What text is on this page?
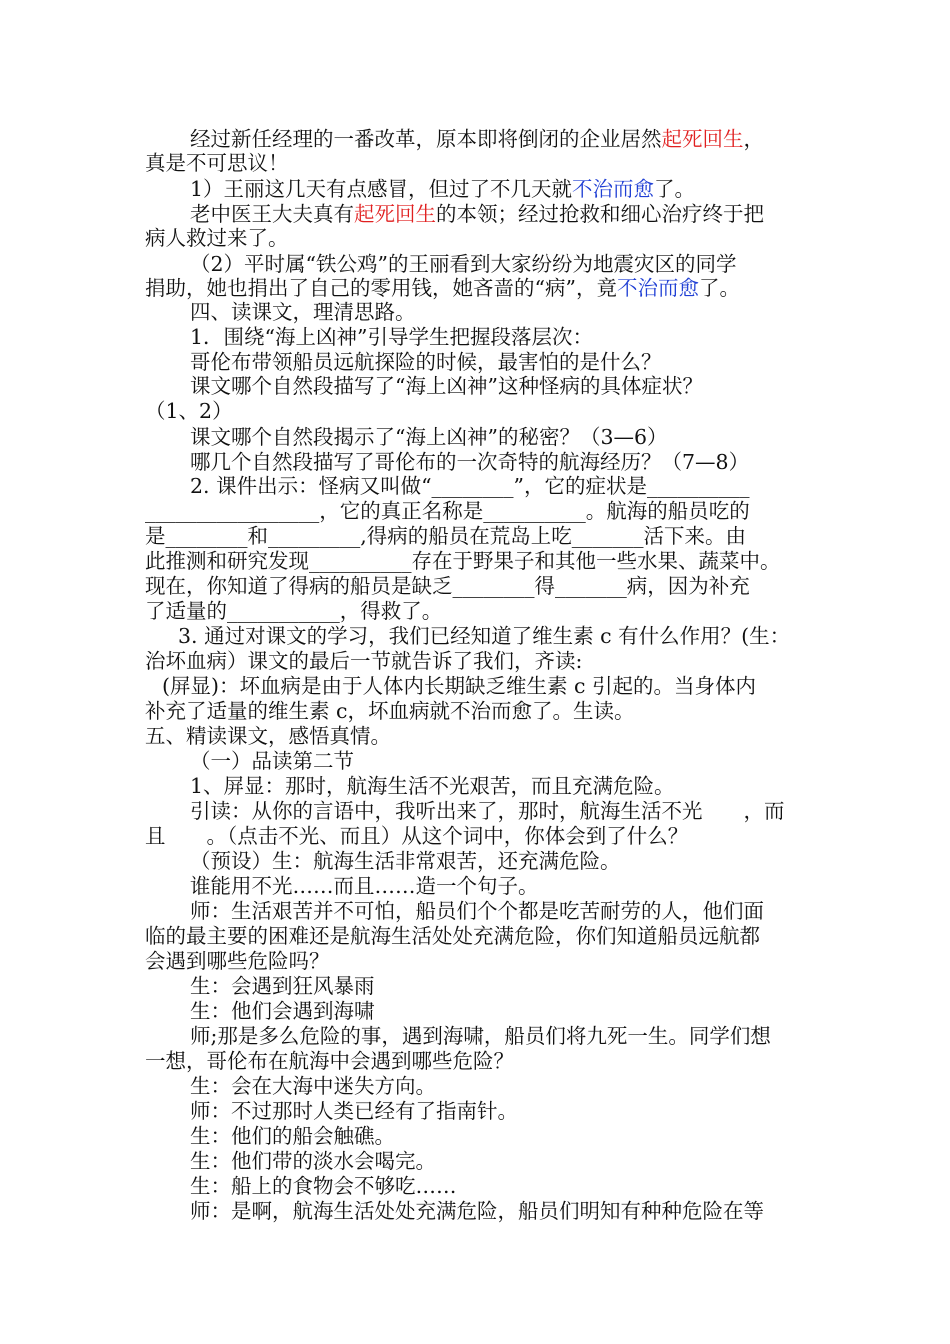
经过新任经理的一番改革，原本即将倒闭的企业居然起死回生，
真是不可思议！
1）王丽这几天有点感冒，但过了不几天就不治而愈了。
老中医王大夫真有起死回生的本领；经过抢救和细心治疗终于把
病人救过来了。
（2）平时属“铁公鸡”的王丽看到大家纷纷为地震灾区的同学
捐助，她也捐出了自己的零用钱，她吝啬的“病”，竟不治而愈了。
四、读课文，理清思路。
1．围绕“海上凶神”引导学生把握段落层次：
哥伦布带领船员远航探险的时候，最害怕的是什么？
课文哪个自然段描写了“海上凶神”这种怪病的具体症状？
（1、2）
课文哪个自然段揭示了“海上凶神”的秘密？（3—6）
哪几个自然段描写了哥伦布的一次奇特的航海经历？（7—8）
2. 课件出示：怪病又叫做“________”，它的症状是__________
_________________，它的真正名称是__________。航海的船员吃的
是________和_________,得病的船员在荒岛上吃_______活下来。由
此推测和研究发现__________存在于野果子和其他一些水果、蔬菜中。
现在，你知道了得病的船员是缺乏________得_______病，因为补充
了适量的___________，得救了。
3. 通过对课文的学习，我们已经知道了维生素 c 有什么作用？(生：
治坏血病）课文的最后一节就告诉了我们，齐读:
(屏显)：坏血病是由于人体内长期缺乏维生素 c 引起的。当身体内
补充了适量的维生素 c，坏血病就不治而愈了。生读。
五、精读课文，感悟真情。
（一）品读第二节
1、屏显：那时，航海生活不光艰苦，而且充满危险。
引读：从你的言语中，我听出来了，那时，航海生活不光　　，而
且　　。（点击不光、而且）从这个词中，你体会到了什么？
（预设）生：航海生活非常艰苦，还充满危险。
谁能用不光……而且……造一个句子。
师：生活艰苦并不可怕，船员们个个都是吃苦耐劳的人，他们面
临的最主要的困难还是航海生活处处充满危险，你们知道船员远航都
会遇到哪些危险吗？
生：会遇到狂风暴雨
生：他们会遇到海啸
师;那是多么危险的事，遇到海啸，船员们将九死一生。同学们想
一想，哥伦布在航海中会遇到哪些危险？
生：会在大海中迷失方向。
师：不过那时人类已经有了指南针。
生：他们的船会触礁。
生：他们带的淡水会喝完。
生：船上的食物会不够吃……
师：是啊，航海生活处处充满危险，船员们明知有种种危险在等
